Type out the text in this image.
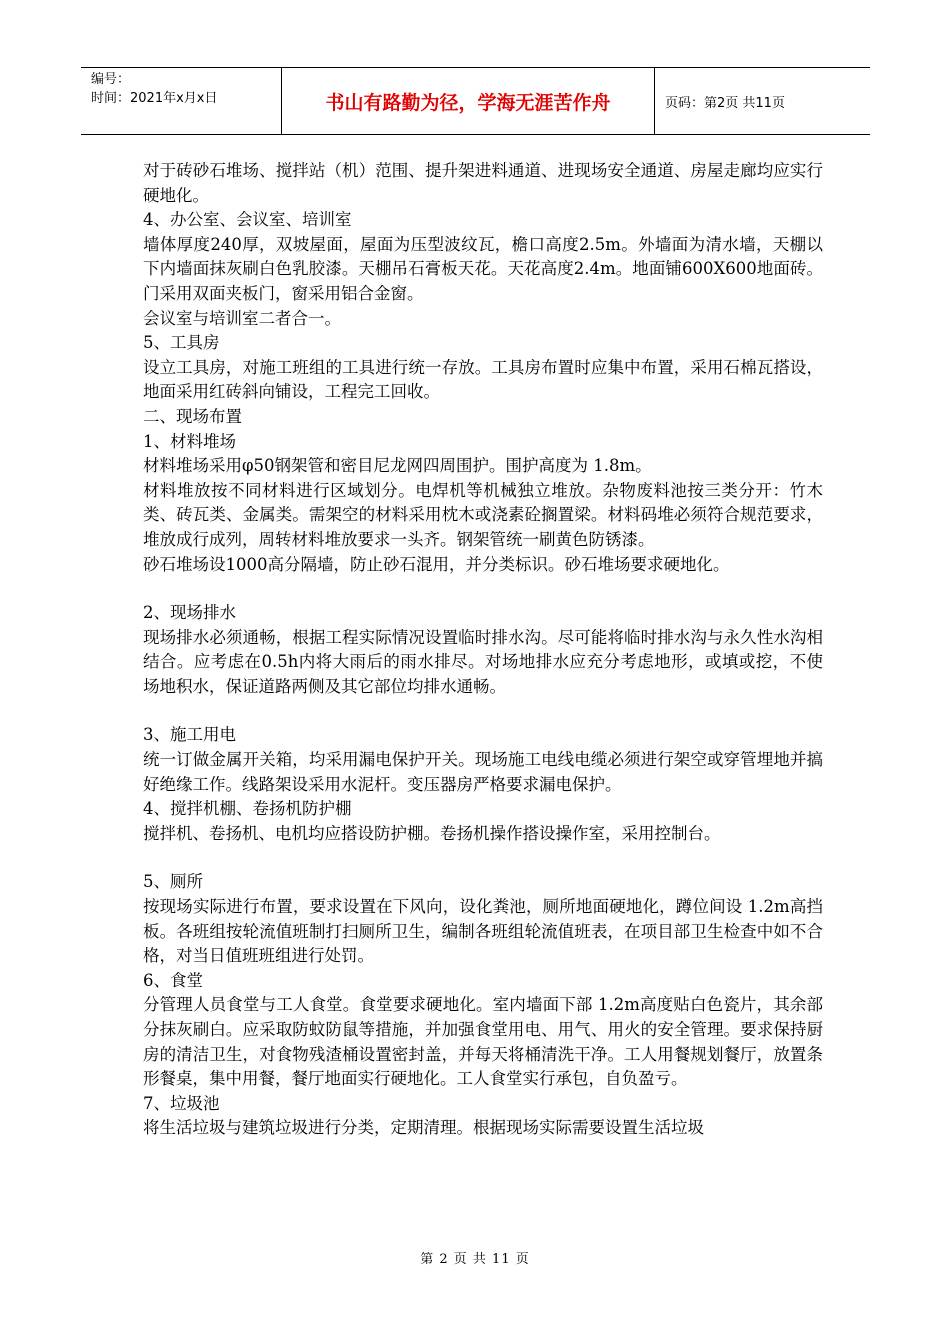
编号：
时间：2021年x月x日	书山有路勤为径，学海无涯苦作舟	页码：第2页 共11页

对于砖砂石堆场、搅拌站（机）范围、提升架进料通道、进现场安全通道、房屋走廊均应实行硬地化。

4、办公室、会议室、培训室

墙体厚度240厚，双坡屋面，屋面为压型波纹瓦，檐口高度2.5m。外墙面为清水墙，天棚以下内墙面抹灰刷白色乳胶漆。天棚吊石膏板天花。天花高度2.4m。地面铺600X600地面砖。门采用双面夹板门，窗采用铝合金窗。

会议室与培训室二者合一。

5、工具房

设立工具房，对施工班组的工具进行统一存放。工具房布置时应集中布置，采用石棉瓦搭设，地面采用红砖斜向铺设，工程完工回收。

二、现场布置

1、材料堆场

材料堆场采用φ50钢架管和密目尼龙网四周围护。围护高度为 1.8m。

材料堆放按不同材料进行区域划分。电焊机等机械独立堆放。杂物废料池按三类分开：竹木类、砖瓦类、金属类。需架空的材料采用枕木或浇素砼搁置梁。材料码堆必须符合规范要求，堆放成行成列，周转材料堆放要求一头齐。钢架管统一刷黄色防锈漆。

砂石堆场设1000高分隔墙，防止砂石混用，并分类标识。砂石堆场要求硬地化。

2、现场排水

现场排水必须通畅，根据工程实际情况设置临时排水沟。尽可能将临时排水沟与永久性水沟相结合。应考虑在0.5h内将大雨后的雨水排尽。对场地排水应充分考虑地形，或填或挖，不使场地积水，保证道路两侧及其它部位均排水通畅。

3、施工用电

统一订做金属开关箱，均采用漏电保护开关。现场施工电线电缆必须进行架空或穿管埋地并搞好绝缘工作。线路架设采用水泥杆。变压器房严格要求漏电保护。

4、搅拌机棚、卷扬机防护棚

搅拌机、卷扬机、电机均应搭设防护棚。卷扬机操作搭设操作室，采用控制台。

5、厕所

按现场实际进行布置，要求设置在下风向，设化粪池，厕所地面硬地化，蹲位间设 1.2m高挡板。各班组按轮流值班制打扫厕所卫生，编制各班组轮流值班表，在项目部卫生检查中如不合格，对当日值班班组进行处罚。

6、食堂

分管理人员食堂与工人食堂。食堂要求硬地化。室内墙面下部 1.2m高度贴白色瓷片，其余部分抹灰刷白。应采取防蚊防鼠等措施，并加强食堂用电、用气、用火的安全管理。要求保持厨房的清洁卫生，对食物残渣桶设置密封盖，并每天将桶清洗干净。工人用餐规划餐厅，放置条形餐桌，集中用餐，餐厅地面实行硬地化。工人食堂实行承包，自负盈亏。

7、垃圾池

将生活垃圾与建筑垃圾进行分类，定期清理。根据现场实际需要设置生活垃圾

第 2 页 共 11 页
